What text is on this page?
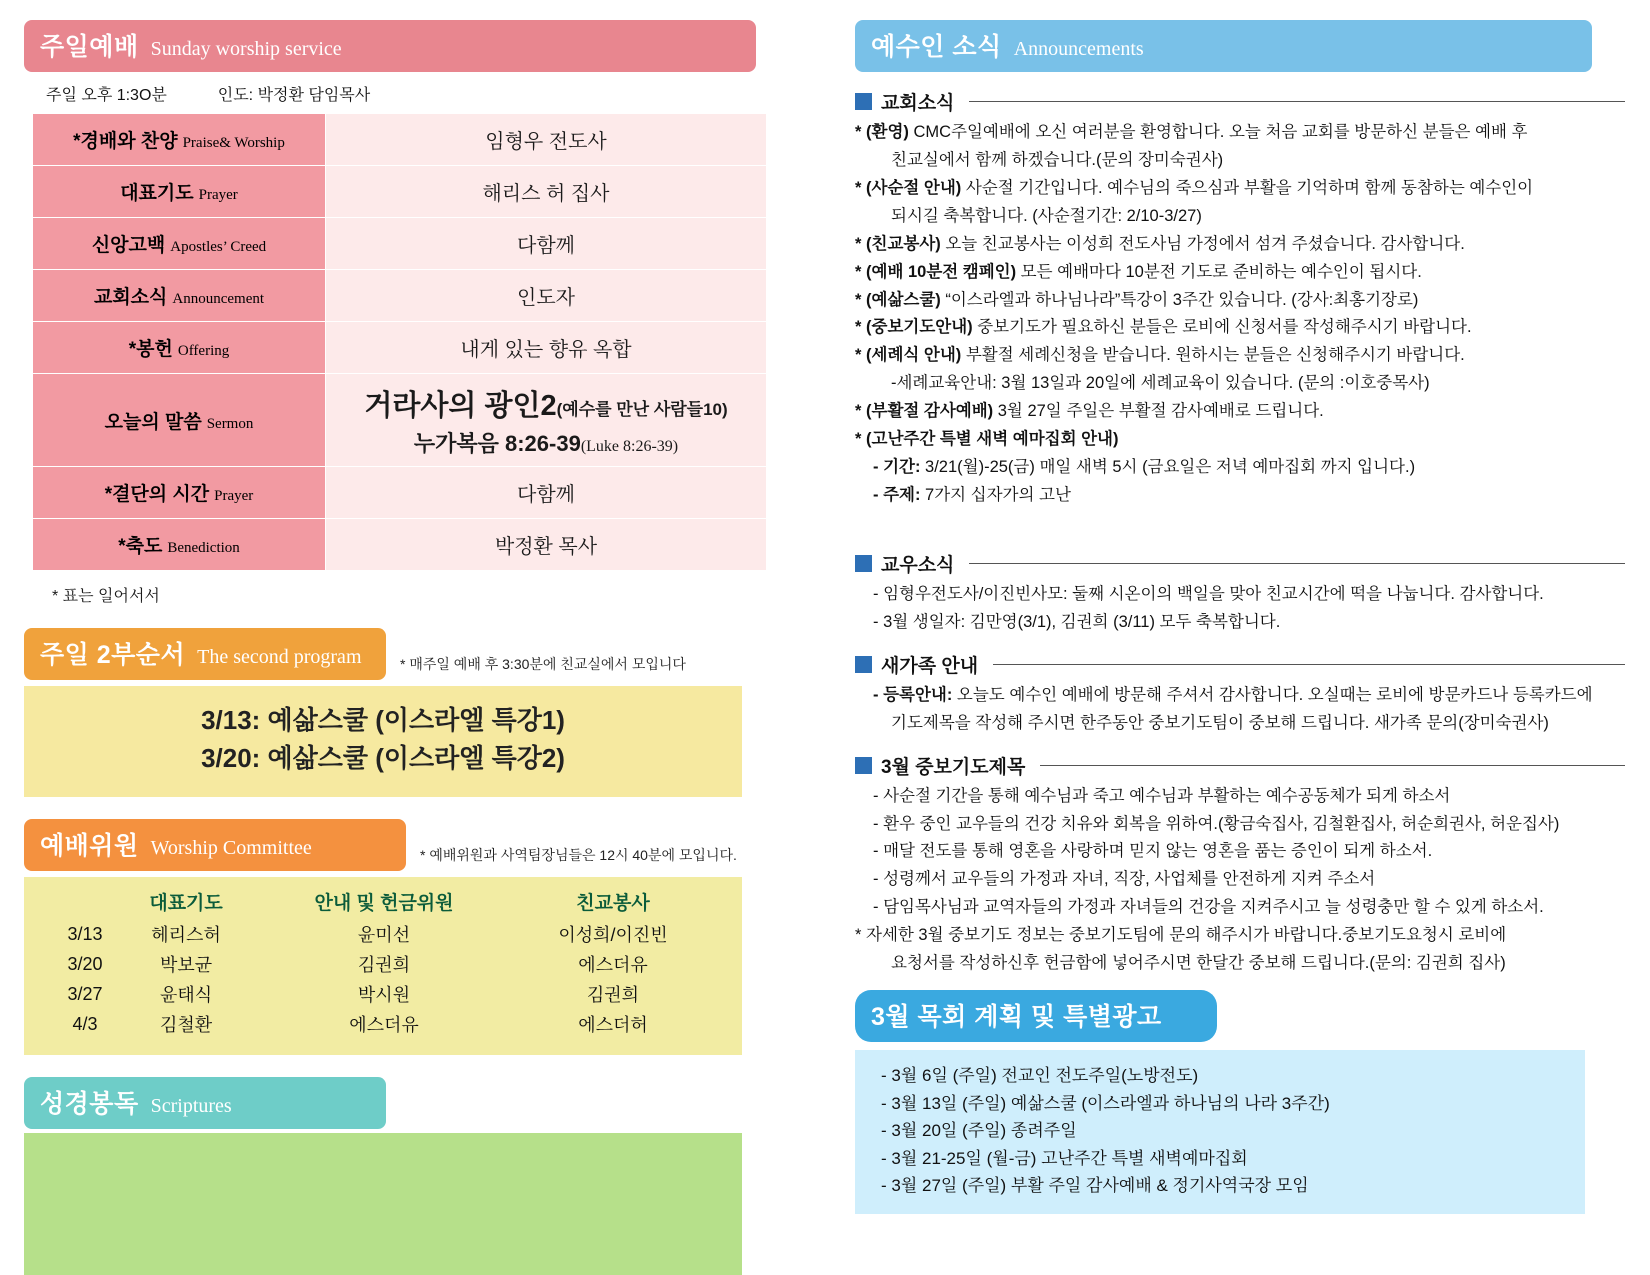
주일예배 Sunday worship service
주일 오후 1:3O분	인도: 박정환 담임목사
*경배와 찬양 Praise& Worship	임형우 전도사
대표기도 Prayer	해리스 허 집사
신앙고백 Apostles’ Creed	다함께
교회소식 Announcement	인도자
*봉헌 Offering	내게 있는 향유 옥합
오늘의 말씀 Sermon	거라사의 광인2(예수를 만난 사람들10)
누가복음 8:26-39(Luke 8:26-39)

*결단의 시간 Prayer	다함께
*축도 Benediction	박정환 목사
* 표는 일어서서
주일 2부순서 The second program	* 매주일 예배 후 3:30분에 친교실에서 모입니다
3/13: 예삶스쿨 (이스라엘 특강1)
3/20: 예삶스쿨 (이스라엘 특강2)
예배위원 Worship Committee	* 예배위원과 사역팀장님들은 12시 40분에 모입니다.
	대표기도	안내 및 헌금위원	친교봉사
3/13	헤리스허	윤미선	이성희/이진빈
3/20	박보균	김권희	에스더유
3/27	윤태식	박시원	김권희
4/3	김철환	에스더유	에스더허
성경봉독 Scriptures
예수인 소식 Announcements
교회소식
* (환영) CMC주일예배에 오신 여러분을 환영합니다. 오늘 처음 교회를 방문하신 분들은 예배 후
친교실에서 함께 하겠습니다.(문의 장미숙권사)
* (사순절 안내) 사순절 기간입니다. 예수님의 죽으심과 부활을 기억하며 함께 동참하는 예수인이
되시길 축복합니다. (사순절기간: 2/10-3/27)
* (친교봉사) 오늘 친교봉사는 이성희 전도사님 가정에서 섬겨 주셨습니다. 감사합니다.
* (예배 10분전 캠페인) 모든 예배마다 10분전 기도로 준비하는 예수인이 됩시다.
* (예삶스쿨) “이스라엘과 하나님나라”특강이 3주간 있습니다. (강사:최홍기장로)
* (중보기도안내) 중보기도가 필요하신 분들은 로비에 신청서를 작성해주시기 바랍니다.
* (세례식 안내) 부활절 세례신청을 받습니다. 원하시는 분들은 신청해주시기 바랍니다.
-세례교육안내: 3월 13일과 20일에 세례교육이 있습니다. (문의 :이호중목사)
* (부활절 감사예배) 3월 27일 주일은 부활절 감사예배로 드립니다.
* (고난주간 특별 새벽 예마집회 안내)
- 기간: 3/21(월)-25(금) 매일 새벽 5시 (금요일은 저녁 예마집회 까지 입니다.)
- 주제: 7가지 십자가의 고난
교우소식
- 임형우전도사/이진빈사모: 둘째 시온이의 백일을 맞아 친교시간에 떡을 나눕니다. 감사합니다.
- 3월 생일자: 김만영(3/1), 김권희 (3/11) 모두 축복합니다.
새가족 안내
- 등록안내: 오늘도 예수인 예배에 방문해 주셔서 감사합니다. 오실때는 로비에 방문카드나 등록카드에
기도제목을 작성해 주시면 한주동안 중보기도팀이 중보해 드립니다. 새가족 문의(장미숙권사)
3월 중보기도제목
- 사순절 기간을 통해 예수님과 죽고 예수님과 부활하는 예수공동체가 되게 하소서
- 환우 중인 교우들의 건강 치유와 회복을 위하여.(황금숙집사, 김철환집사, 허순희권사, 허운집사)
- 매달 전도를 통해 영혼을 사랑하며 믿지 않는 영혼을 품는 증인이 되게 하소서.
- 성령께서 교우들의 가정과 자녀, 직장, 사업체를 안전하게 지켜 주소서
- 담임목사님과 교역자들의 가정과 자녀들의 건강을 지켜주시고 늘 성령충만 할 수 있게 하소서.
* 자세한 3월 중보기도 정보는 중보기도팀에 문의 해주시가 바랍니다.중보기도요청시 로비에
요청서를 작성하신후 헌금함에 넣어주시면 한달간 중보해 드립니다.(문의: 김권희 집사)
3월 목회 계획 및 특별광고
- 3월 6일 (주일) 전교인 전도주일(노방전도)
- 3월 13일 (주일) 예삶스쿨 (이스라엘과 하나님의 나라 3주간)
- 3월 20일 (주일) 종려주일
- 3월 21-25일 (월-금) 고난주간 특별 새벽예마집회
- 3월 27일 (주일) 부활 주일 감사예배 & 정기사역국장 모임
